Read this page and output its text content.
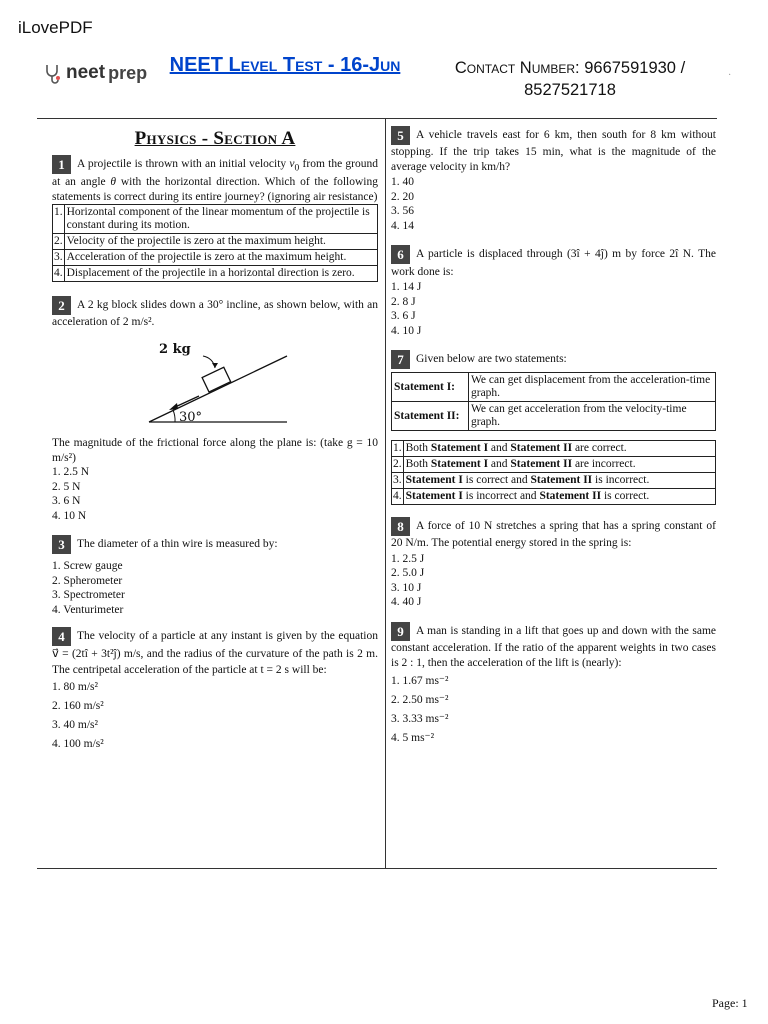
iLovePDF
neet prep	NEET Level Test - 16-Jun	Contact Number: 9667591930 /
8527521718
·
Physics - Section A
1 A projectile is thrown with an initial velocity $v_0$ from the ground at an angle θ with the horizontal direction. Which of the following statements is correct during its entire journey? (ignoring air resistance)
1.	Horizontal component of the linear momentum of the projectile is constant during its motion.
2.	Velocity of the projectile is zero at the maximum height.
3.	Acceleration of the projectile is zero at the maximum height.
4.	Displacement of the projectile in a horizontal direction is zero.
2 A 2 kg block slides down a 30° incline, as shown below, with an acceleration of 2 m/s².
2 kg
30°
The magnitude of the frictional force along the plane is: (take g = 10 m/s²)
1. 2.5 N
2. 5 N
3. 6 N
4. 10 N
3 The diameter of a thin wire is measured by:
1. Screw gauge
2. Spherometer
3. Spectrometer
4. Venturimeter
4 The velocity of a particle at any instant is given by the equation v⃗ = (2tî + 3t²ĵ) m/s, and the radius of the curvature of the path is 2 m. The centripetal acceleration of the particle at t = 2 s will be:
1. 80 m/s²
2. 160 m/s²
3. 40 m/s²
4. 100 m/s²
5 A vehicle travels east for 6 km, then south for 8 km without stopping. If the trip takes 15 min, what is the magnitude of the average velocity in km/h?
1. 40
2. 20
3. 56
4. 14
6 A particle is displaced through (3î + 4ĵ) m by force 2î N. The work done is:
1. 14 J
2. 8 J
3. 6 J
4. 10 J
7 Given below are two statements:
Statement I:	We can get displacement from the acceleration-time graph.
Statement II:	We can get acceleration from the velocity-time graph.
1.	Both Statement I and Statement II are correct.
2.	Both Statement I and Statement II are incorrect.
3.	Statement I is correct and Statement II is incorrect.
4.	Statement I is incorrect and Statement II is correct.
8 A force of 10 N stretches a spring that has a spring constant of 20 N/m. The potential energy stored in the spring is:
1. 2.5 J
2. 5.0 J
3. 10 J
4. 40 J
9 A man is standing in a lift that goes up and down with the same constant acceleration. If the ratio of the apparent weights in two cases is 2 : 1, then the acceleration of the lift is (nearly):
1. 1.67 ms⁻²
2. 2.50 ms⁻²
3. 3.33 ms⁻²
4. 5 ms⁻²
Page: 1
